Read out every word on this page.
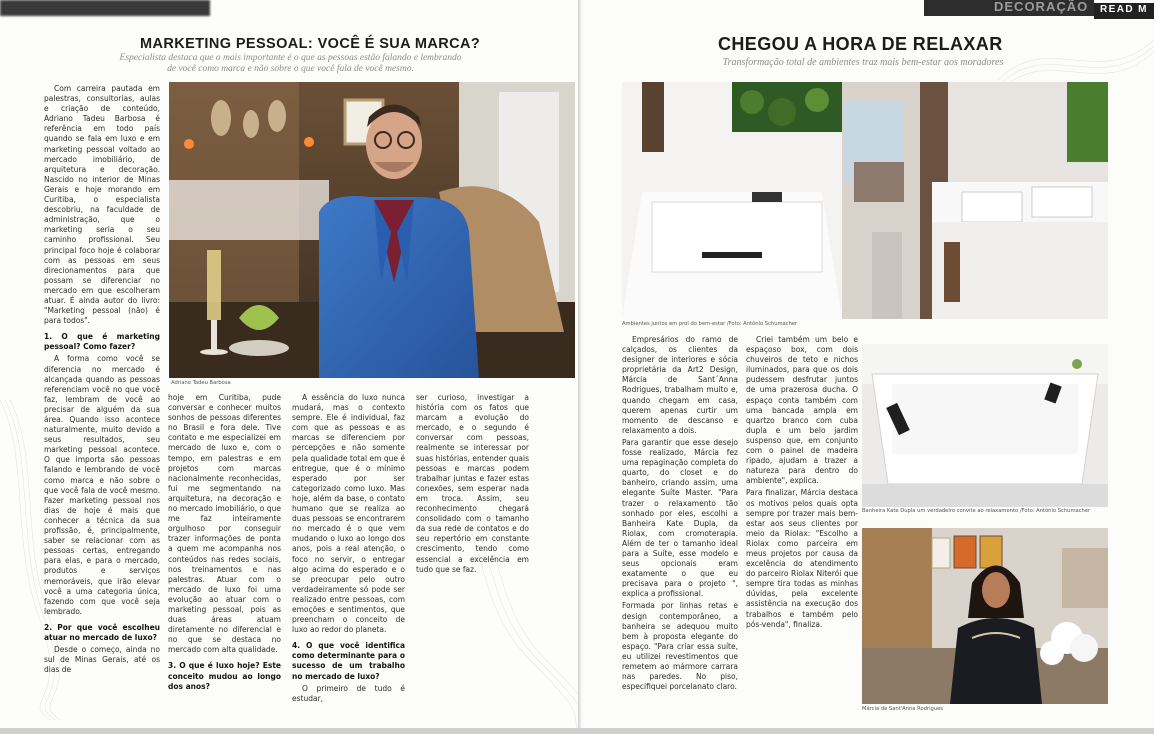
MARKETING PESSOAL: VOCÊ É SUA MARCA?
Especialista destaca que o mais importante é o que as pessoas estão falando e lembrando de você como marca e não sobre o que você fala de você mesmo.
Adriano Tadeu Barbosa

Com carreira pautada em palestras, consultorias, aulas e criação de conteúdo, Adriano Tadeu Barbosa é referência em todo país quando se fala em luxo e em marketing pessoal voltado ao mercado imobiliário, de arquitetura e decoração. Nascido no interior de Minas Gerais e hoje morando em Curitiba, o especialista descobriu, na faculdade de administração, que o marketing seria o seu caminho profissional. Seu principal foco hoje é colaborar com as pessoas em seus direcionamentos para que possam se diferenciar no mercado em que escolheram atuar. É ainda autor do livro: "Marketing pessoal (não) é para todos".

1. O que é marketing pessoal? Como fazer?

A forma como você se diferencia no mercado é alcançada quando as pessoas referenciam você no que você faz, lembram de você ao precisar de alguém da sua área. Quando isso acontece naturalmente, muito devido a seus resultados, seu marketing pessoal acontece. O que importa são pessoas falando e lembrando de você como marca e não sobre o que você fala de você mesmo. Fazer marketing pessoal nos dias de hoje é mais que conhecer a técnica da sua profissão, é, principalmente, saber se relacionar com as pessoas certas, entregando para elas, e para o mercado, produtos e serviços memoráveis, que irão elevar você a uma categoria única, fazendo com que você seja lembrado.

2. Por que você escolheu atuar no mercado de luxo?

Desde o começo, ainda no sul de Minas Gerais, até os dias de

hoje em Curitiba, pude conversar e conhecer muitos sonhos de pessoas diferentes no Brasil e fora dele. Tive contato e me especializei em mercado de luxo e, com o tempo, em palestras e em projetos com marcas nacionalmente reconhecidas, fui me segmentando na arquitetura, na decoração e no mercado imobiliário, o que me faz inteiramente orgulhoso por conseguir trazer informações de ponta a quem me acompanha nos conteúdos nas redes sociais, nos treinamentos e nas palestras. Atuar com o mercado de luxo foi uma evolução ao atuar com o marketing pessoal, pois as duas áreas atuam diretamente no diferencial e no que se destaca no mercado com alta qualidade.

3. O que é luxo hoje? Este conceito mudou ao longo dos anos?

A essência do luxo nunca mudará, mas o contexto sempre. Ele é individual, faz com que as pessoas e as marcas se diferenciem por percepções e não somente pela qualidade total em que é entregue, que é o mínimo esperado por ser categorizado como luxo. Mas hoje, além da base, o contato humano que se realiza ao duas pessoas se encontrarem no mercado é o que vem mudando o luxo ao longo dos anos, pois a real atenção, o foco no servir, o entregar algo acima do esperado e o se preocupar pelo outro verdadeiramente só pode ser realizado entre pessoas, com emoções e sentimentos, que preencham o conceito de luxo ao redor do planeta.

4. O que você identifica como determinante para o sucesso de um trabalho no mercado de luxo?

O primeiro de tudo é estudar,

ser curioso, investigar a história com os fatos que marcam a evolução do mercado, e o segundo é conversar com pessoas, realmente se interessar por suas histórias, entender quais pessoas e marcas podem trabalhar juntas e fazer estas conexões, sem esperar nada em troca. Assim, seu reconhecimento chegará consolidado com o tamanho da sua rede de contatos e do seu repertório em constante crescimento, tendo como essencial a excelência em tudo que se faz.

DECORAÇÃO	READ M
CHEGOU A HORA DE RELAXAR
Transformação total de ambientes traz mais bem-estar aos moradores
Ambientes juntos em prol do bem-estar /Foto: Antônio Schumacher
Banheira Kate Dupla um verdadeiro convite ao relaxamento /Foto: Antônio Schumacher
Márcia de Sant'Anna Rodrigues

Empresários do ramo de calçados, os clientes da designer de interiores e sócia proprietária da Art2 Design, Márcia de Sant´Anna Rodrigues, trabalham muito e, quando chegam em casa, querem apenas curtir um momento de descanso e relaxamento a dois.

Para garantir que esse desejo fosse realizado, Márcia fez uma repaginação completa do quarto, do closet e do banheiro, criando assim, uma elegante Suíte Master. "Para trazer o relaxamento tão sonhado por eles, escolhi a Banheira Kate Dupla, da Riolax, com cromoterapia. Além de ter o tamanho ideal para a Suíte, esse modelo e seus opcionais eram exatamente o que eu precisava para o projeto ", explica a profissional.

Formada por linhas retas e design contemporâneo, a banheira se adequou muito bem à proposta elegante do espaço. "Para criar essa suíte, eu utilizei revestimentos que remetem ao mármore carrara nas paredes. No piso, especifiquei porcelanato claro.

Criei também um belo e espaçoso box, com dois chuveiros de teto e nichos iluminados, para que os dois pudessem desfrutar juntos de uma prazerosa ducha. O espaço conta também com uma bancada ampla em quartzo branco com cuba dupla e um belo jardim suspenso que, em conjunto com o painel de madeira ripado, ajudam a trazer a natureza para dentro do ambiente", explica.

Para finalizar, Márcia destaca os motivos pelos quais opta sempre por trazer mais bem-estar aos seus clientes por meio da Riolax: "Escolho a Riolax como parceira em meus projetos por causa da excelência do atendimento do parceiro Riolax Niterói que sempre tira todas as minhas dúvidas, pela excelente assistência na execução dos trabalhos e também pelo pós-venda", finaliza.
